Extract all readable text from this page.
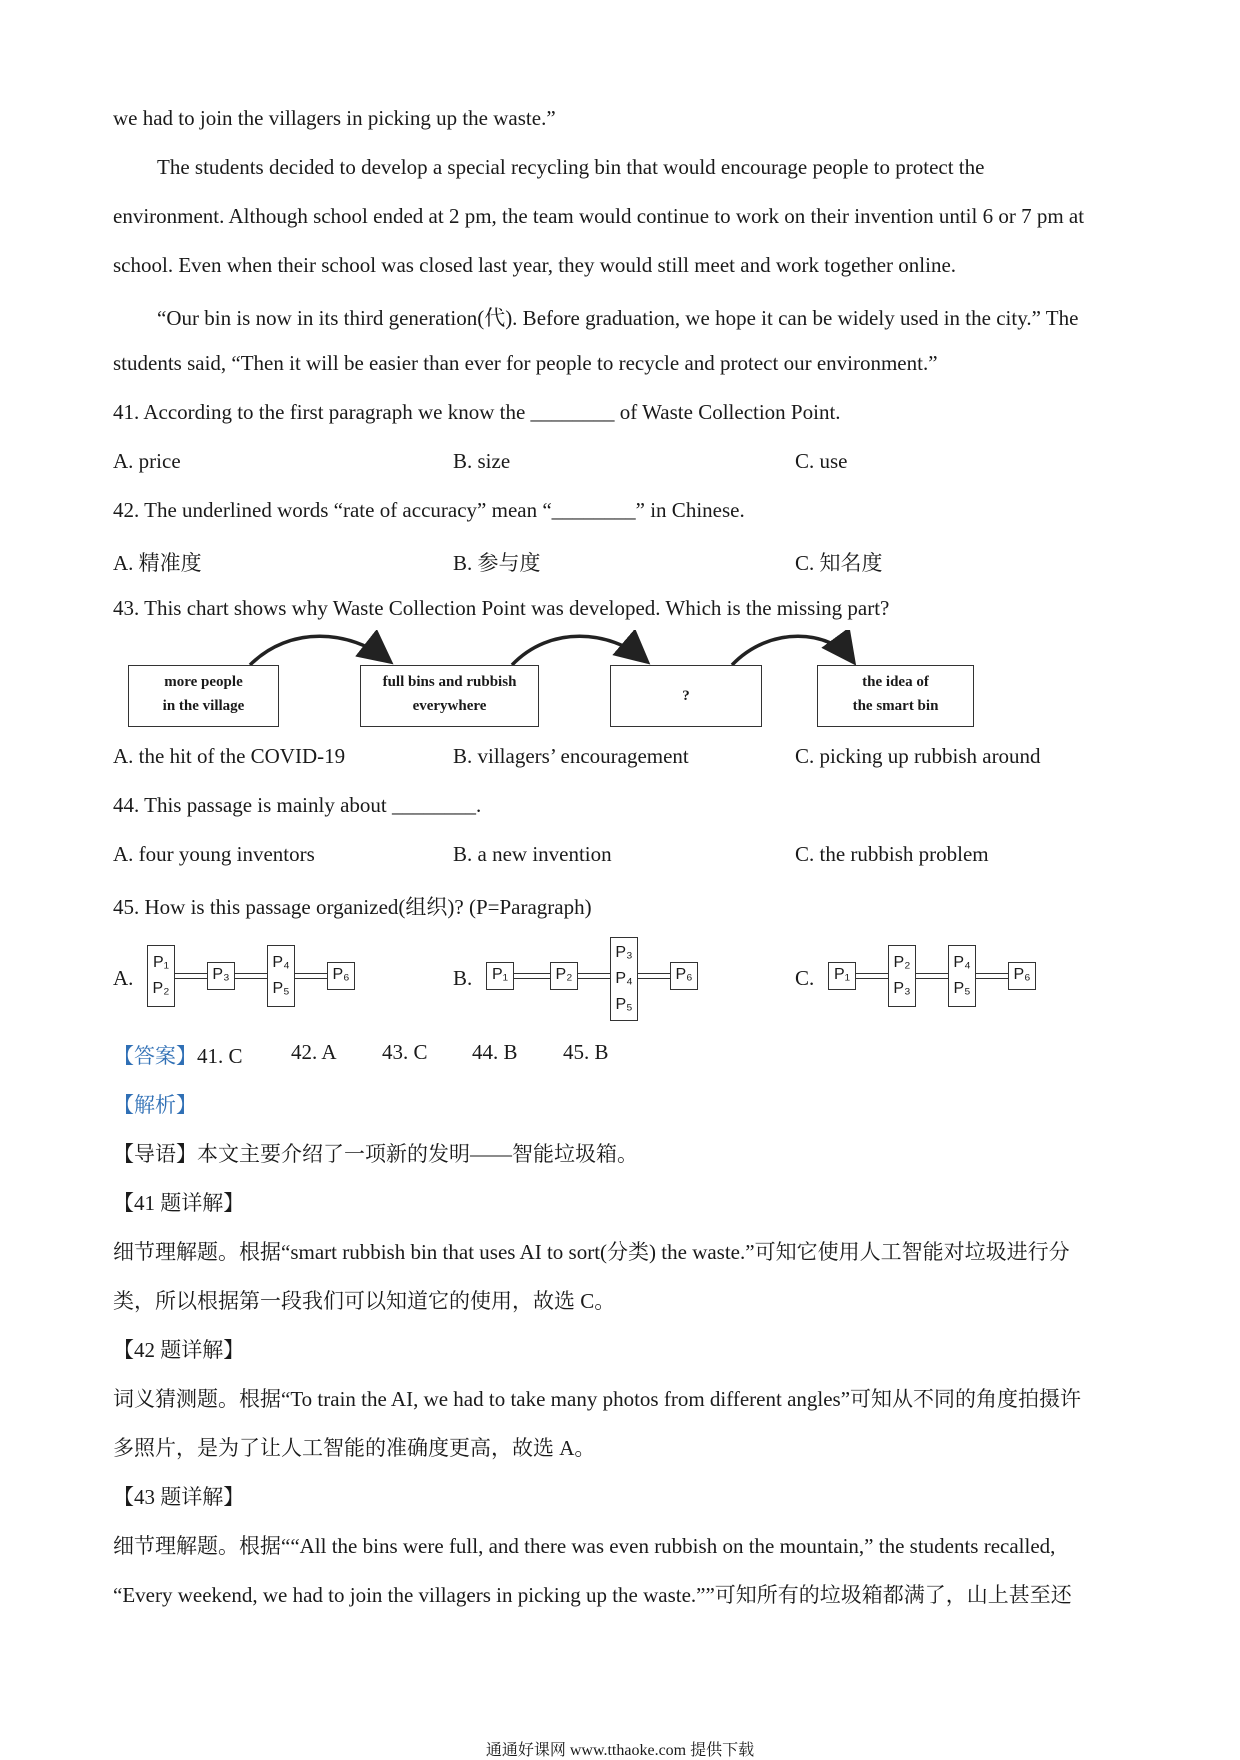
we had to join the villagers in picking up the waste.”
The students decided to develop a special recycling bin that would encourage people to protect the
environment. Although school ended at 2 pm, the team would continue to work on their invention until 6 or 7 pm at
school. Even when their school was closed last year, they would still meet and work together online.
“Our bin is now in its third generation(代). Before graduation, we hope it can be widely used in the city.” The
students said, “Then it will be easier than ever for people to recycle and protect our environment.”
41. According to the first paragraph we know the ________ of Waste Collection Point.
A. price	B. size	C. use
42. The underlined words “rate of accuracy” mean “________” in Chinese.
A. 精准度	B. 参与度	C. 知名度
43. This chart shows why Waste Collection Point was developed. Which is the missing part?
more people
in the village
full bins and rubbish
everywhere
?
the idea of
the smart bin
A. the hit of the COVID-19	B. villagers’ encouragement	C. picking up rubbish around
44. This passage is mainly about ________.
A. four young inventors	B. a new invention	C. the rubbish problem
45. How is this passage organized(组织)? (P=Paragraph)
A.
P₁
P₂
P₃
P₄
P₅
P₆	B.	P₁	P₂
P₃
P₄
P₅
P₆	C.	P₁
P₂
P₃
P₄
P₅
P₆
【答案】41. C 42. A 43. C 44. B 45. B
【解析】
【导语】本文主要介绍了一项新的发明——智能垃圾箱。
【41 题详解】
细节理解题。根据“smart rubbish bin that uses AI to sort(分类) the waste.”可知它使用人工智能对垃圾进行分
类，所以根据第一段我们可以知道它的使用，故选 C。
【42 题详解】
词义猜测题。根据“To train the AI, we had to take many photos from different angles”可知从不同的角度拍摄许
多照片，是为了让人工智能的准确度更高，故选 A。
【43 题详解】
细节理解题。根据““All the bins were full, and there was even rubbish on the mountain,” the students recalled,
“Every weekend, we had to join the villagers in picking up the waste.””可知所有的垃圾箱都满了，山上甚至还
通通好课网 www.tthaoke.com 提供下载
